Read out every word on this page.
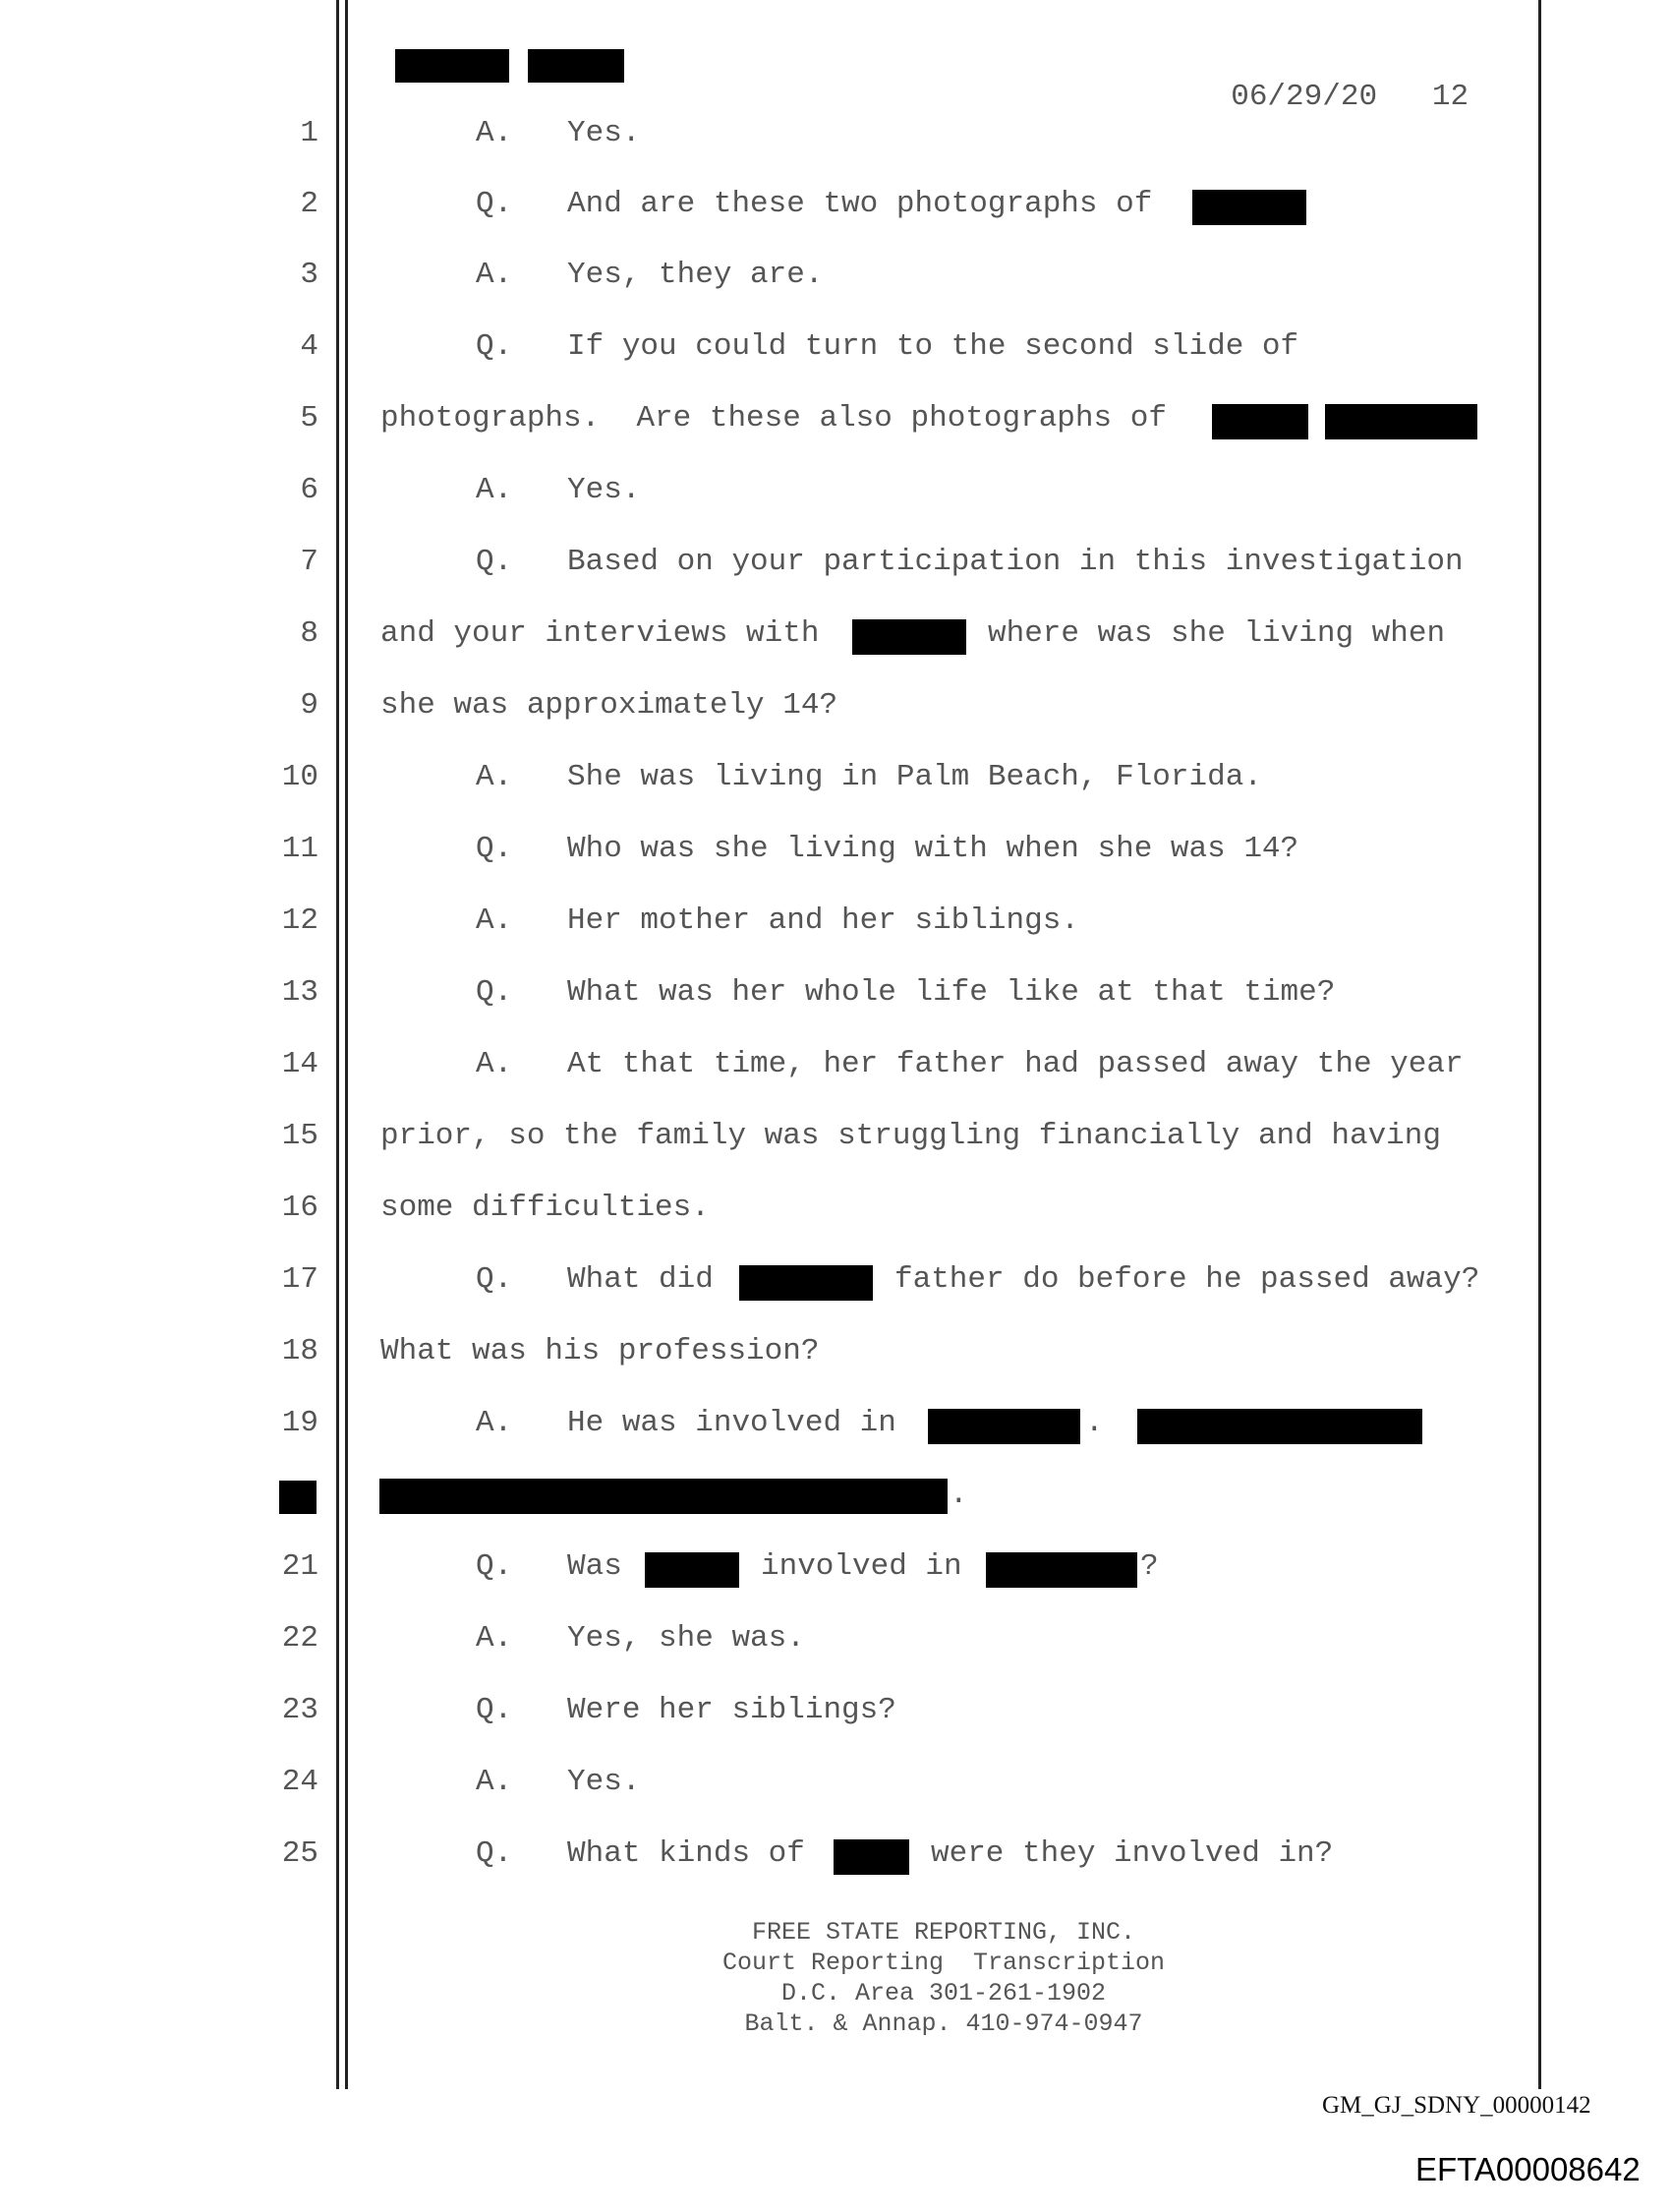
06/29/20 12

1	A.   Yes.
2	Q.   And are these two photographs of
3	A.   Yes, they are.
4	Q.   If you could turn to the second slide of
5 photographs.  Are these also photographs of
6	A.   Yes.
7	Q.   Based on your participation in this investigation
8 and your interviews with	where was she living when
9 she was approximately 14?
10	A.   She was living in Palm Beach, Florida.
11	Q.   Who was she living with when she was 14?
12	A.   Her mother and her siblings.
13	Q.   What was her whole life like at that time?
14	A.   At that time, her father had passed away the year
15 prior, so the family was struggling financially and having
16 some difficulties.
17	Q.   What did	father do before he passed away?
18 What was his profession?
19	A.   He was involved in	.
.
21	Q.   Was	involved in	?
22	A.   Yes, she was.
23	Q.   Were her siblings?
24	A.   Yes.
25	Q.   What kinds of	were they involved in?
FREE STATE REPORTING, INC.
Court Reporting  Transcription
D.C. Area 301-261-1902
Balt. & Annap. 410-974-0947
GM_GJ_SDNY_00000142
EFTA00008642
